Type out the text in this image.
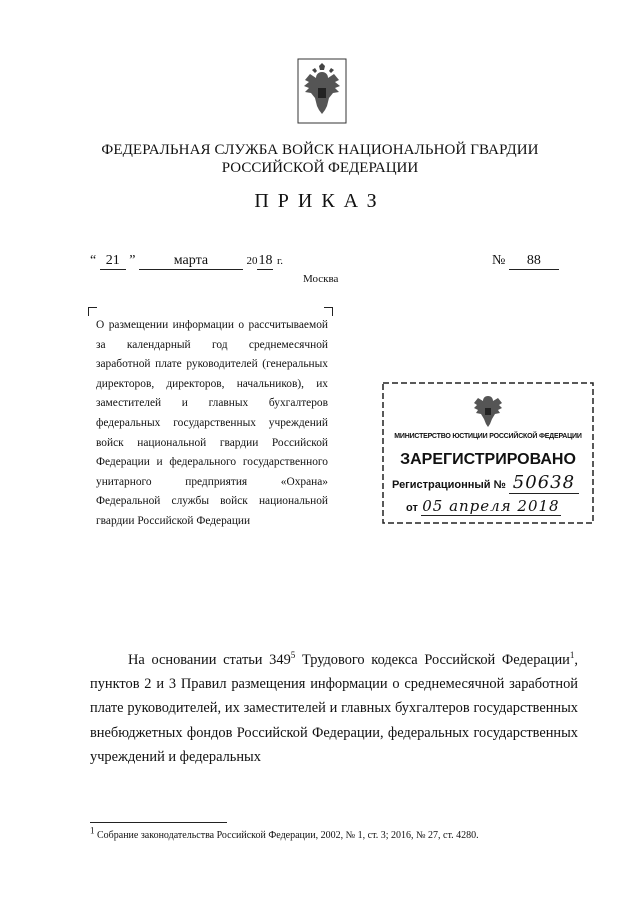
ФЕДЕРАЛЬНАЯ СЛУЖБА ВОЙСК НАЦИОНАЛЬНОЙ ГВАРДИИ
РОССИЙСКОЙ ФЕДЕРАЦИИ
ПРИКАЗ
“ 21 ”	марта	2018 г.	№ 88
Москва
О размещении информации о рассчитываемой за календарный год среднемесячной заработной плате руководителей (генеральных директоров, директоров, начальников), их заместителей и главных бухгалтеров федеральных государственных учреждений войск национальной гвардии Российской Федерации и федерального государственного унитарного предприятия «Охрана» Федеральной службы войск национальной гвардии Российской Федерации
МИНИСТЕРСТВО ЮСТИЦИИ РОССИЙСКОЙ ФЕДЕРАЦИИ
ЗАРЕГИСТРИРОВАНО
Регистрационный № 50638
от 05 апреля 2018

На основании статьи $349^5$ Трудового кодекса Российской Федерации$^1$, пунктов 2 и 3 Правил размещения информации о среднемесячной заработной плате руководителей, их заместителей и главных бухгалтеров государственных внебюджетных фондов Российской Федерации, федеральных государственных учреждений и федеральных

$^1$ Собрание законодательства Российской Федерации, 2002, № 1, ст. 3; 2016, № 27, ст. 4280.
